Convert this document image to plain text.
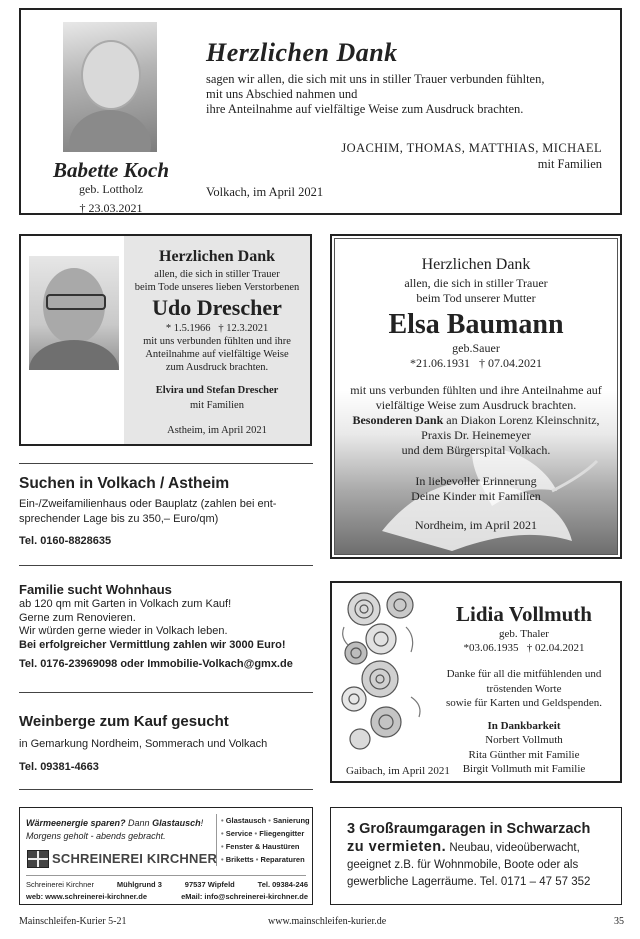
Babette Koch
geb. Lottholz
† 23.03.2021
Herzlichen Dank

sagen wir allen, die sich mit uns in stiller Trauer verbunden fühlten,

mit uns Abschied nahmen und

ihre Anteilnahme auf vielfältige Weise zum Ausdruck brachten.

JOACHIM, THOMAS, MATTHIAS, MICHAEL

mit Familien

Volkach, im April 2021
Herzlichen Dank
allen, die sich in stiller Trauer
beim Tode unseres lieben Verstorbenen
Udo Drescher
* 1.5.1966   † 12.3.2021
mit uns verbunden fühlten und ihre
Anteilnahme auf vielfältige Weise
zum Ausdruck brachten.
Elvira und Stefan Drescher
mit Familien
Astheim, im April 2021
Herzlichen Dank
allen, die sich in stiller Trauer
beim Tod unserer Mutter
Elsa Baumann
geb.Sauer
*21.06.1931   † 07.04.2021
mit uns verbunden fühlten und ihre Anteilnahme auf
vielfältige Weise zum Ausdruck brachten.
Besonderen Dank an Diakon Lorenz Kleinschnitz,
Praxis Dr. Heinemeyer
und dem Bürgerspital Volkach.
In liebevoller Erinnerung
Deine Kinder mit Familien
Nordheim, im April 2021
Suchen in Volkach / Astheim
Ein-/Zweifamilienhaus oder Bauplatz (zahlen bei ent-
sprechender Lage bis zu 350,– Euro/qm)
Tel. 0160-8828635
Familie sucht Wohnhaus
ab 120 qm mit Garten in Volkach zum Kauf!
Gerne zum Renovieren.
Wir würden gerne wieder in Volkach leben.
Bei erfolgreicher Vermittlung zahlen wir 3000 Euro!
Tel. 0176-23969098 oder Immobilie-Volkach@gmx.de
Weinberge zum Kauf gesucht
in Gemarkung Nordheim, Sommerach und Volkach
Tel. 09381-4663
Lidia Vollmuth
geb. Thaler
*03.06.1935   † 02.04.2021
Danke für all die mitfühlenden und
tröstenden Worte
sowie für Karten und Geldspenden.
In Dankbarkeit
Norbert Vollmuth
Rita Günther mit Familie
Birgit Vollmuth mit Familie
Gaibach, im April 2021
Wärmeenergie sparen? Dann Glastausch!
Morgens geholt - abends gebracht.
• Glastausch • Sanierung
• Service • Fliegengitter
• Fenster & Haustüren
• Briketts • Reparaturen
SCHREINEREI KIRCHNER
Schreinerei Kirchner	Mühlgrund 3	97537 Wipfeld	Tel. 09384-246
web: www.schreinerei-kirchner.de	eMail: info@schreinerei-kirchner.de
3 Großraumgaragen in Schwarzach
zu vermieten. Neubau, videoüberwacht,
geeignet z.B. für Wohnmobile, Boote oder als
gewerbliche Lagerräume. Tel. 0171 – 47 57 352
Mainschleifen-Kurier 5-21	www.mainschleifen-kurier.de	35
